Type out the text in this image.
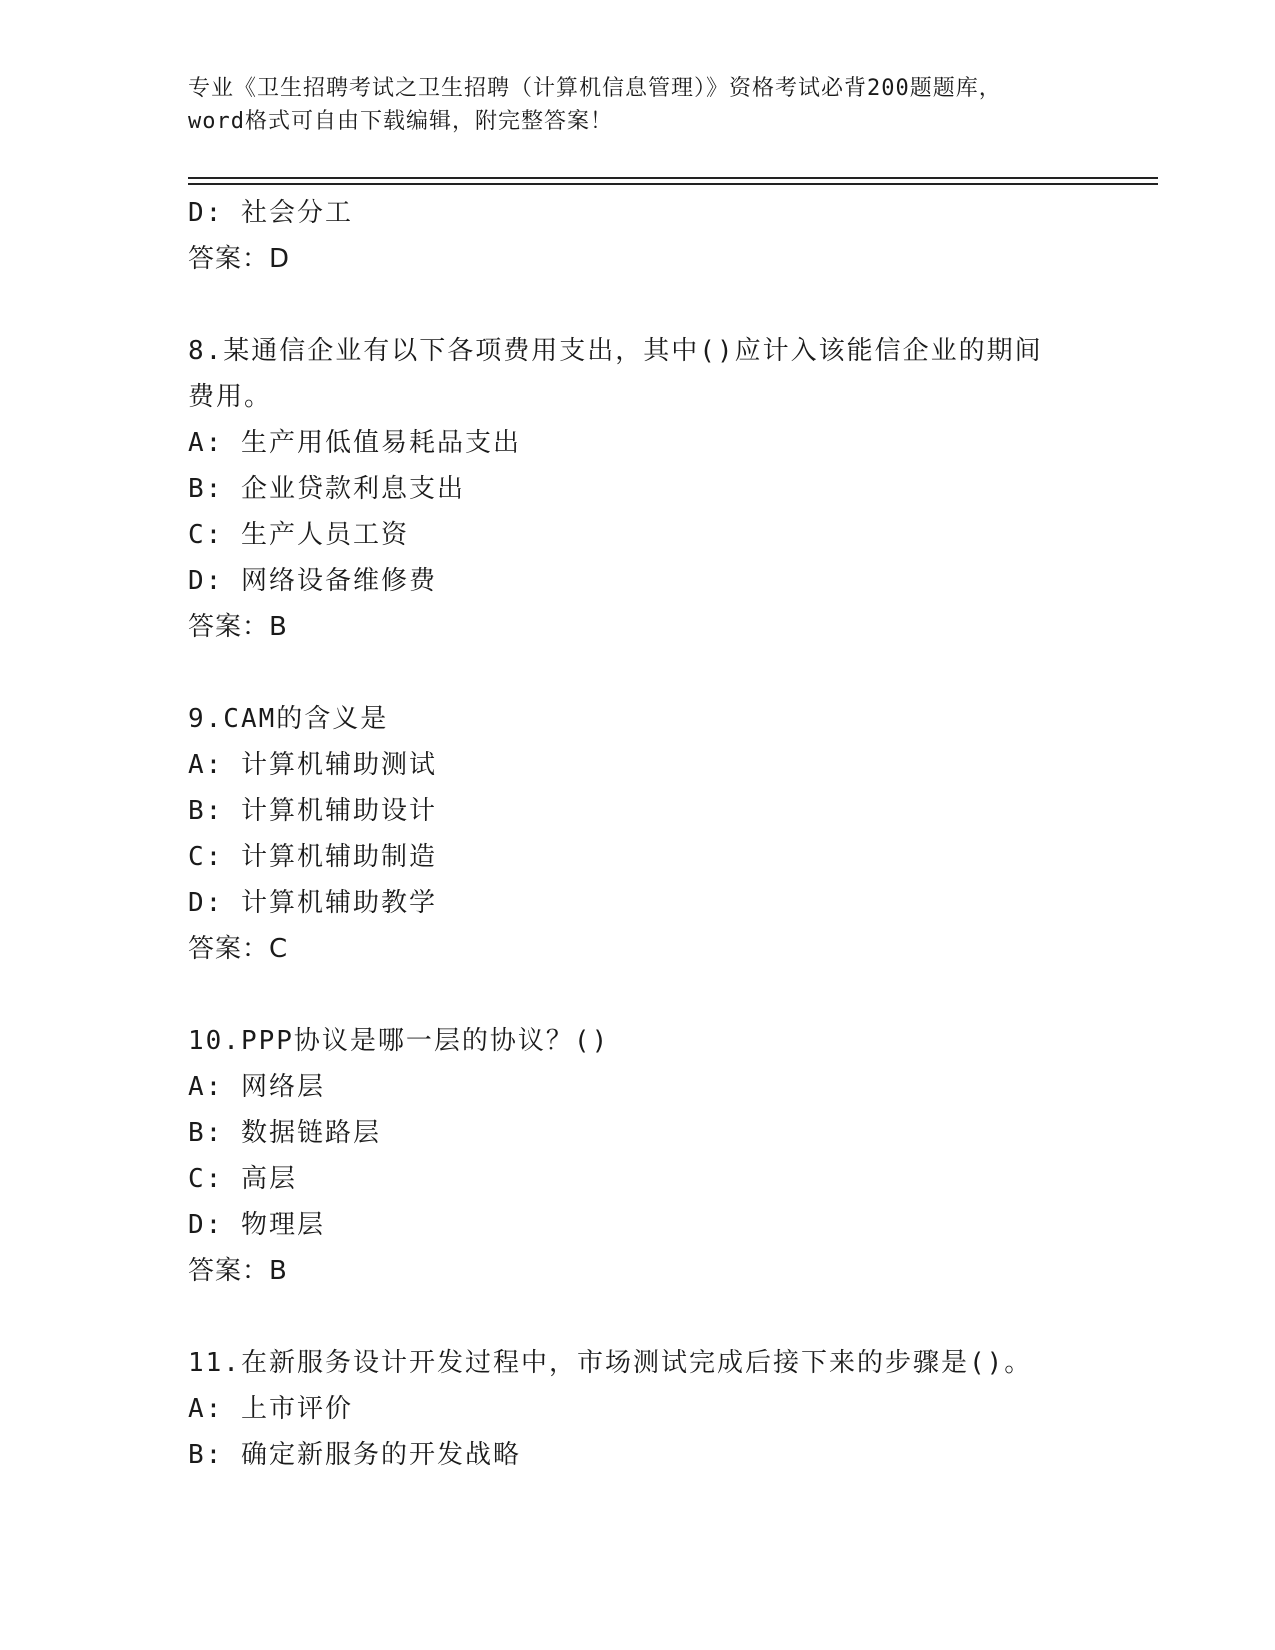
专业《卫生招聘考试之卫生招聘（计算机信息管理）》资格考试必背200题题库，
word格式可自由下载编辑，附完整答案！
D: 社会分工
答案：D
8.某通信企业有以下各项费用支出，其中()应计入该能信企业的期间
费用。
A: 生产用低值易耗品支出
B: 企业贷款利息支出
C: 生产人员工资
D: 网络设备维修费
答案：B
9.CAM的含义是
A: 计算机辅助测试
B: 计算机辅助设计
C: 计算机辅助制造
D: 计算机辅助教学
答案：C
10.PPP协议是哪一层的协议？()
A: 网络层
B: 数据链路层
C: 高层
D: 物理层
答案：B
11.在新服务设计开发过程中，市场测试完成后接下来的步骤是()。
A: 上市评价
B: 确定新服务的开发战略
